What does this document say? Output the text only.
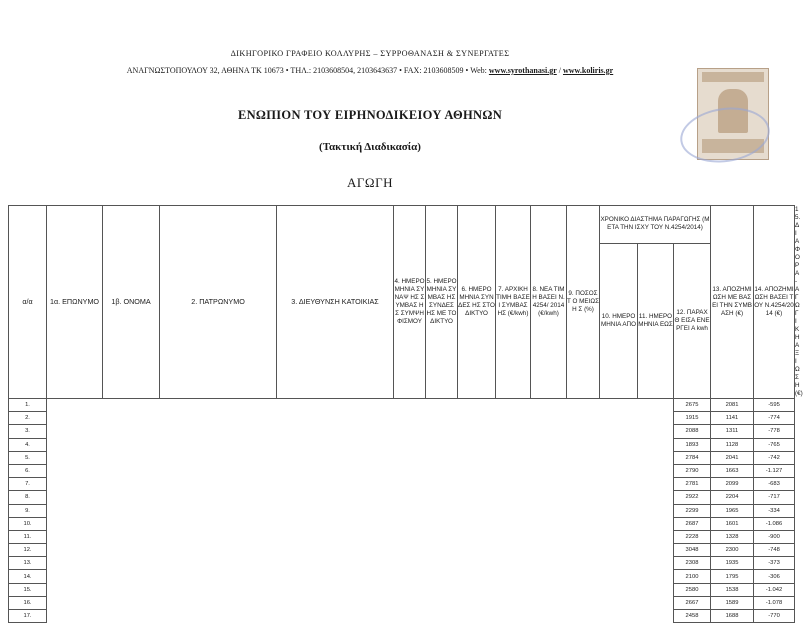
ΔΙΚΗΓΟΡΙΚΟ ΓΡΑΦΕΙΟ ΚΟΛΛΥΡΗΣ – ΣΥΡΡΟΘΑΝΑΣΗ & ΣΥΝΕΡΓΑΤΕΣ
ΑΝΑΓΝΩΣΤΟΠΟΥΛΟΥ 32, ΑΘΗΝΑ ΤΚ 10673 • ΤΗΛ.: 2103608504, 2103643637 • FAX: 2103608509 • Web: www.syrothanasi.gr / www.koliris.gr
ΕΝΩΠΙΟΝ ΤΟΥ ΕΙΡΗΝΟΔΙΚΕΙΟΥ ΑΘΗΝΩΝ
(Τακτική Διαδικασία)
ΑΓΩΓΗ
α/α	1α. ΕΠΩΝΥΜΟ	1β. ΟΝΟΜΑ	2. ΠΑΤΡΩΝΥΜΟ	3. ΔΙΕΥΘΥΝΣΗ ΚΑΤΟΙΚΙΑΣ	4. ΗΜΕΡΟ ΜΗΝΙΑ ΣΥΝΑΨ ΗΣ ΣΥΜΒΑΣ ΗΣ ΣΥΜΨΗ ΦΙΣΜΟΥ	5. ΗΜΕΡΟ ΜΗΝΙΑ ΣΥΜΒΑΣ ΗΣ ΣΥΝΔΕΣ ΗΣ ΜΕ ΤΟ ΔΙΚΤΥΟ	6. ΗΜΕΡΟ ΜΗΝΙΑ ΣΥΝΔΕΣ ΗΣ ΣΤΟ ΔΙΚΤΥΟ	7. ΑΡΧΙΚΗ ΤΙΜΗ ΒΑΣΕΙ ΣΥΜΒΑΣ ΗΣ (€/kwh)	8. ΝΕΑ ΤΙΜΗ ΒΑΣΕΙ Ν.4254/ 2014 (€/kwh)	9. ΠΟΣΟΣΤ Ο ΜΕΙΩΣΗ Σ (%)	ΧΡΟΝΙΚΟ ΔΙΑΣΤΗΜΑ ΠΑΡΑΓΩΓΗΣ (ΜΕΤΑ ΤΗΝ ΙΣΧΥ ΤΟΥ Ν.4254/2014)			13. ΑΠΟΖΗΜΙ ΩΣΗ ΜΕ ΒΑΣΕΙ ΤΗΝ ΣΥΜΒΑΣΗ (€)	14. ΑΠΟΖΗΜΙ ΩΣΗ ΒΑΣΕΙ ΤΟΥ Ν.4254/20 14 (€)	15. ΔΙΑΦΟΡΑ - ΑΓΩΓΙΚΗ ΑΞΙΩΣΗ (€)
											10. ΗΜΕΡΟ ΜΗΝΙΑ ΑΠΟ	11. ΗΜΕΡΟ ΜΗΝΙΑ ΕΩΣ	12. ΠΑΡΑΧΘ ΕΙΣΑ ΕΝΕΡΓΕΙ Α kwh			
1.													2675	2081	-595	
2.													1915	1141	-774	
3.													2088	1311	-778	
4.													1893	1128	-765	
5.													2784	2041	-742	
6.													2790	1663	-1.127	
7.													2781	2099	-683	
8.													2922	2204	-717	
9.													2299	1965	-334	
10.													2687	1601	-1.086	
11.													2228	1328	-900	
12.													3048	2300	-748	
13.													2308	1935	-373	
14.													2100	1795	-306	
15.													2580	1538	-1.042	
16.													2667	1589	-1.078	
17.													2458	1688	-770	
